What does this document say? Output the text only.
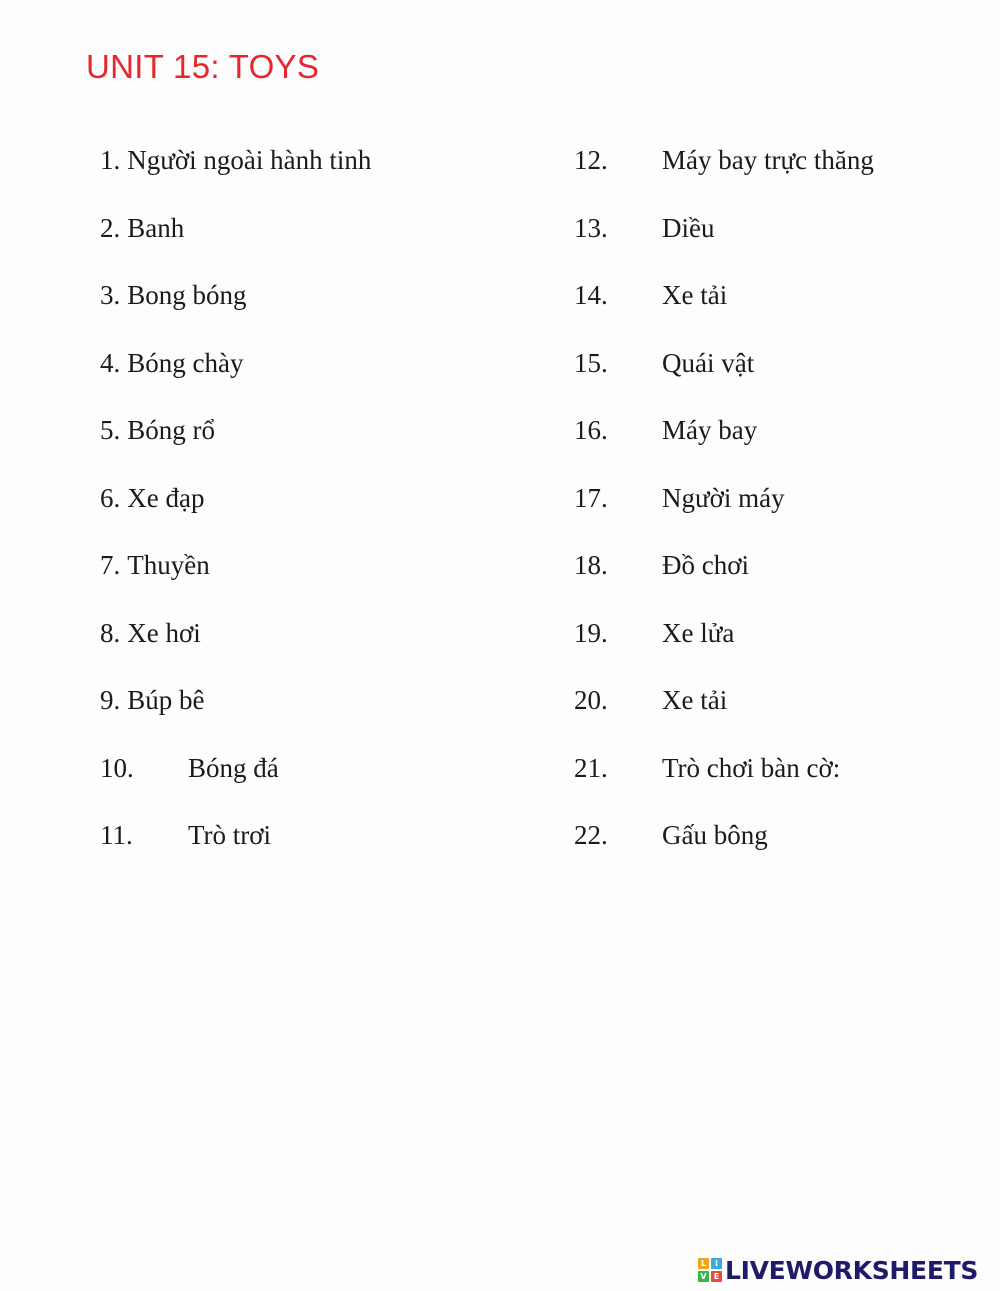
UNIT 15: TOYS
1. Người ngoài hành tinh
2. Banh
3. Bong bóng
4. Bóng chày
5. Bóng rổ
6. Xe đạp
7. Thuyền
8. Xe hơi
9. Búp bê
10. Bóng đá
11. Trò trơi
12. Máy bay trực thăng
13. Diều
14. Xe tải
15. Quái vật
16. Máy bay
17. Người máy
18. Đồ chơi
19. Xe lửa
20. Xe tải
21. Trò chơi bàn cờ:
22. Gấu bông
L	I
V E LIVEWORKSHEETS
